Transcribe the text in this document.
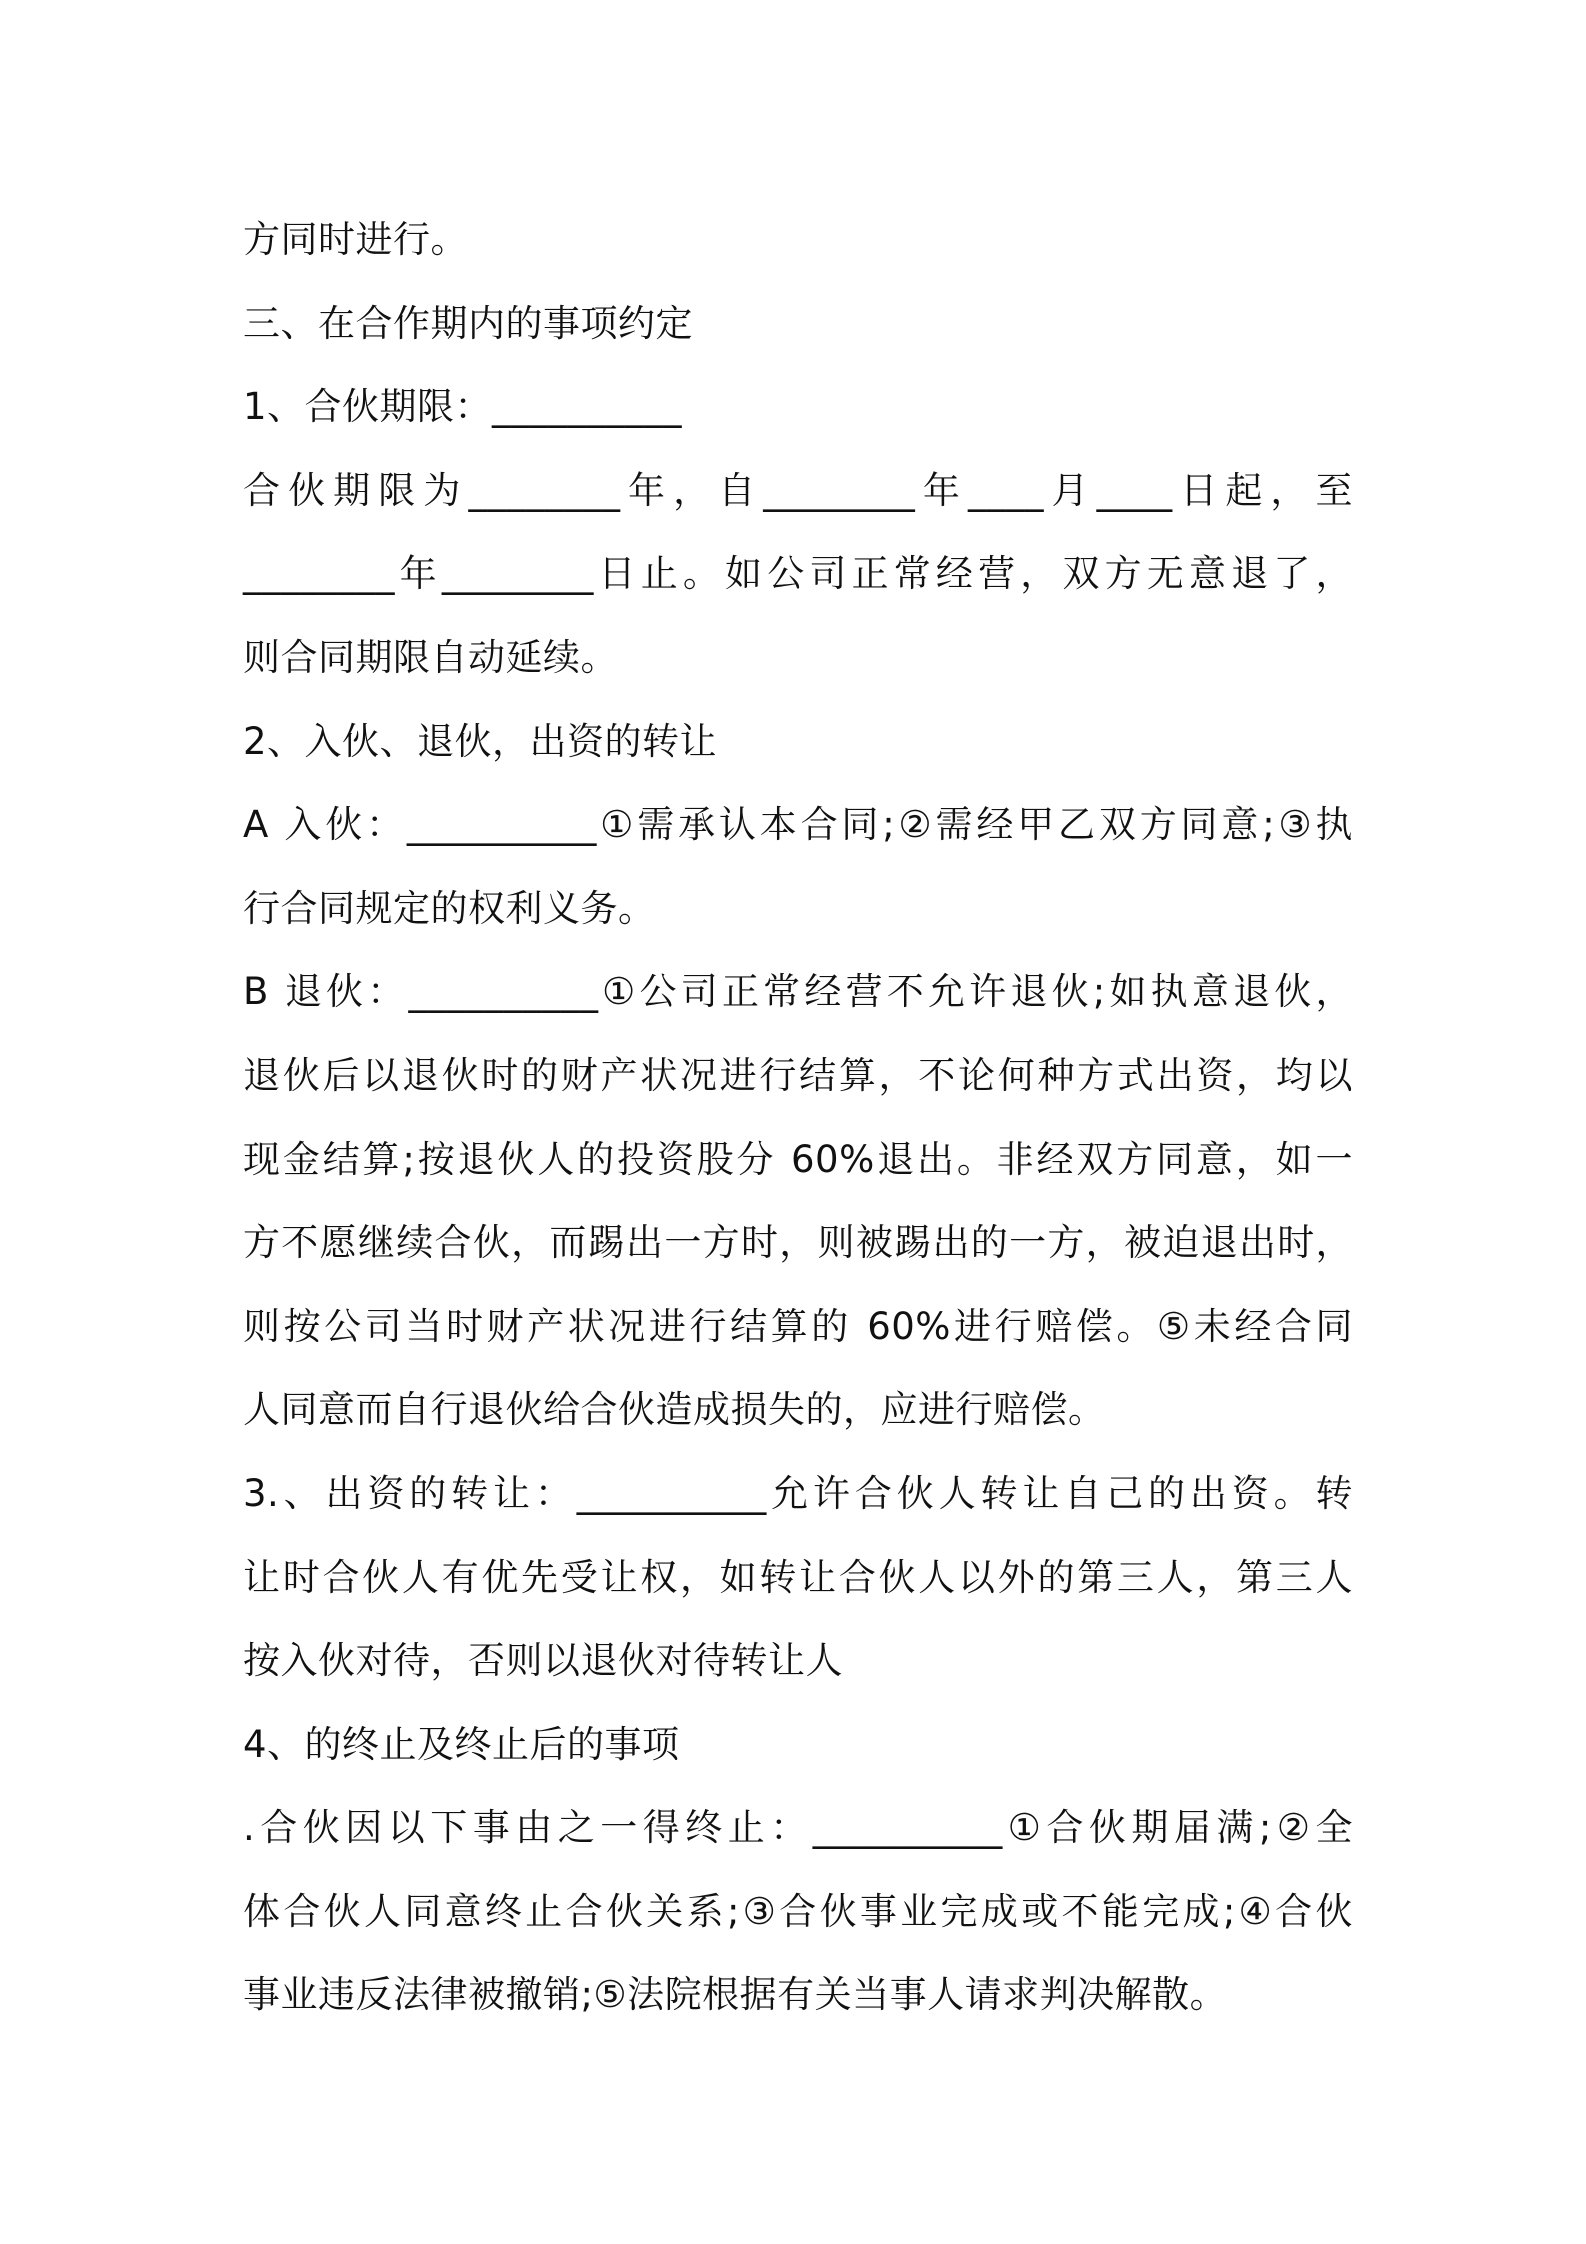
方同时进行。
三、在合作期内的事项约定
1、合伙期限：__________
合伙期限为________年，自________年____月____日起，至
________年________日止。如公司正常经营，双方无意退了，
则合同期限自动延续。
2、入伙、退伙，出资的转让
A 入伙：__________①需承认本合同;②需经甲乙双方同意;③执
行合同规定的权利义务。
B 退伙：__________①公司正常经营不允许退伙;如执意退伙，
退伙后以退伙时的财产状况进行结算，不论何种方式出资，均以
现金结算;按退伙人的投资股分 60%退出。非经双方同意，如一
方不愿继续合伙，而踢出一方时，则被踢出的一方，被迫退出时，
则按公司当时财产状况进行结算的 60%进行赔偿。⑤未经合同
人同意而自行退伙给合伙造成损失的，应进行赔偿。
3.、出资的转让：__________允许合伙人转让自己的出资。转
让时合伙人有优先受让权，如转让合伙人以外的第三人，第三人
按入伙对待，否则以退伙对待转让人
4、的终止及终止后的事项
.合伙因以下事由之一得终止：__________①合伙期届满;②全
体合伙人同意终止合伙关系;③合伙事业完成或不能完成;④合伙
事业违反法律被撤销;⑤法院根据有关当事人请求判决解散。
